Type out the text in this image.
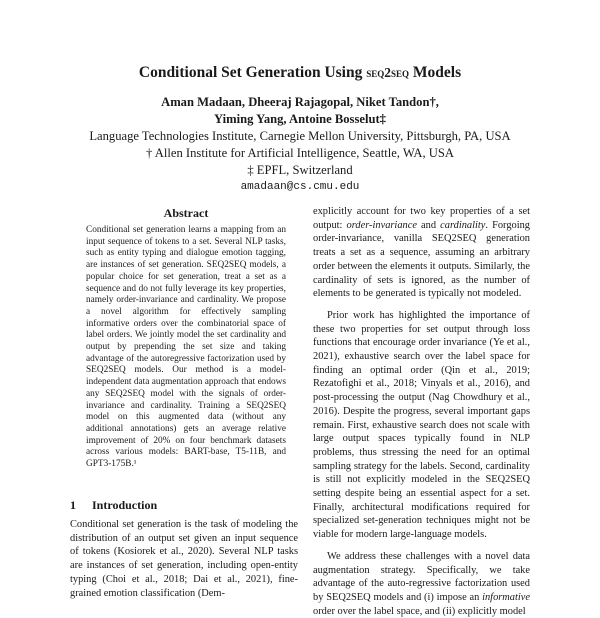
Conditional Set Generation Using seq2seq Models
Aman Madaan, Dheeraj Rajagopal, Niket Tandon†,
Yiming Yang, Antoine Bosselut‡
Language Technologies Institute, Carnegie Mellon University, Pittsburgh, PA, USA
† Allen Institute for Artificial Intelligence, Seattle, WA, USA
‡ EPFL, Switzerland
amadaan@cs.cmu.edu
Abstract

Conditional set generation learns a mapping from an input sequence of tokens to a set. Several NLP tasks, such as entity typing and dialogue emotion tagging, are instances of set generation. SEQ2SEQ models, a popular choice for set generation, treat a set as a sequence and do not fully leverage its key properties, namely order-invariance and cardinality. We propose a novel algorithm for effectively sampling informative orders over the combinatorial space of label orders. We jointly model the set cardinality and output by prepending the set size and taking advantage of the autoregressive factorization used by SEQ2SEQ models. Our method is a model-independent data augmentation approach that endows any SEQ2SEQ model with the signals of order-invariance and cardinality. Training a SEQ2SEQ model on this augmented data (without any additional annotations) gets an average relative improvement of 20% on four benchmark datasets across various models: BART-base, T5-11B, and GPT3-175B.¹

1 Introduction

Conditional set generation is the task of modeling the distribution of an output set given an input sequence of tokens (Kosiorek et al., 2020). Several NLP tasks are instances of set generation, including open-entity typing (Choi et al., 2018; Dai et al., 2021), fine-grained emotion classification (Dem-

explicitly account for two key properties of a set output: order-invariance and cardinality. Forgoing order-invariance, vanilla SEQ2SEQ generation treats a set as a sequence, assuming an arbitrary order between the elements it outputs. Similarly, the cardinality of sets is ignored, as the number of elements to be generated is typically not modeled.

Prior work has highlighted the importance of these two properties for set output through loss functions that encourage order invariance (Ye et al., 2021), exhaustive search over the label space for finding an optimal order (Qin et al., 2019; Rezatofighi et al., 2018; Vinyals et al., 2016), and post-processing the output (Nag Chowdhury et al., 2016). Despite the progress, several important gaps remain. First, exhaustive search does not scale with large output spaces typically found in NLP problems, thus stressing the need for an optimal sampling strategy for the labels. Second, cardinality is still not explicitly modeled in the SEQ2SEQ setting despite being an essential aspect for a set. Finally, architectural modifications required for specialized set-generation techniques might not be viable for modern large-language models.

We address these challenges with a novel data augmentation strategy. Specifically, we take advantage of the auto-regressive factorization used by SEQ2SEQ models and (i) impose an informative order over the label space, and (ii) explicitly model
